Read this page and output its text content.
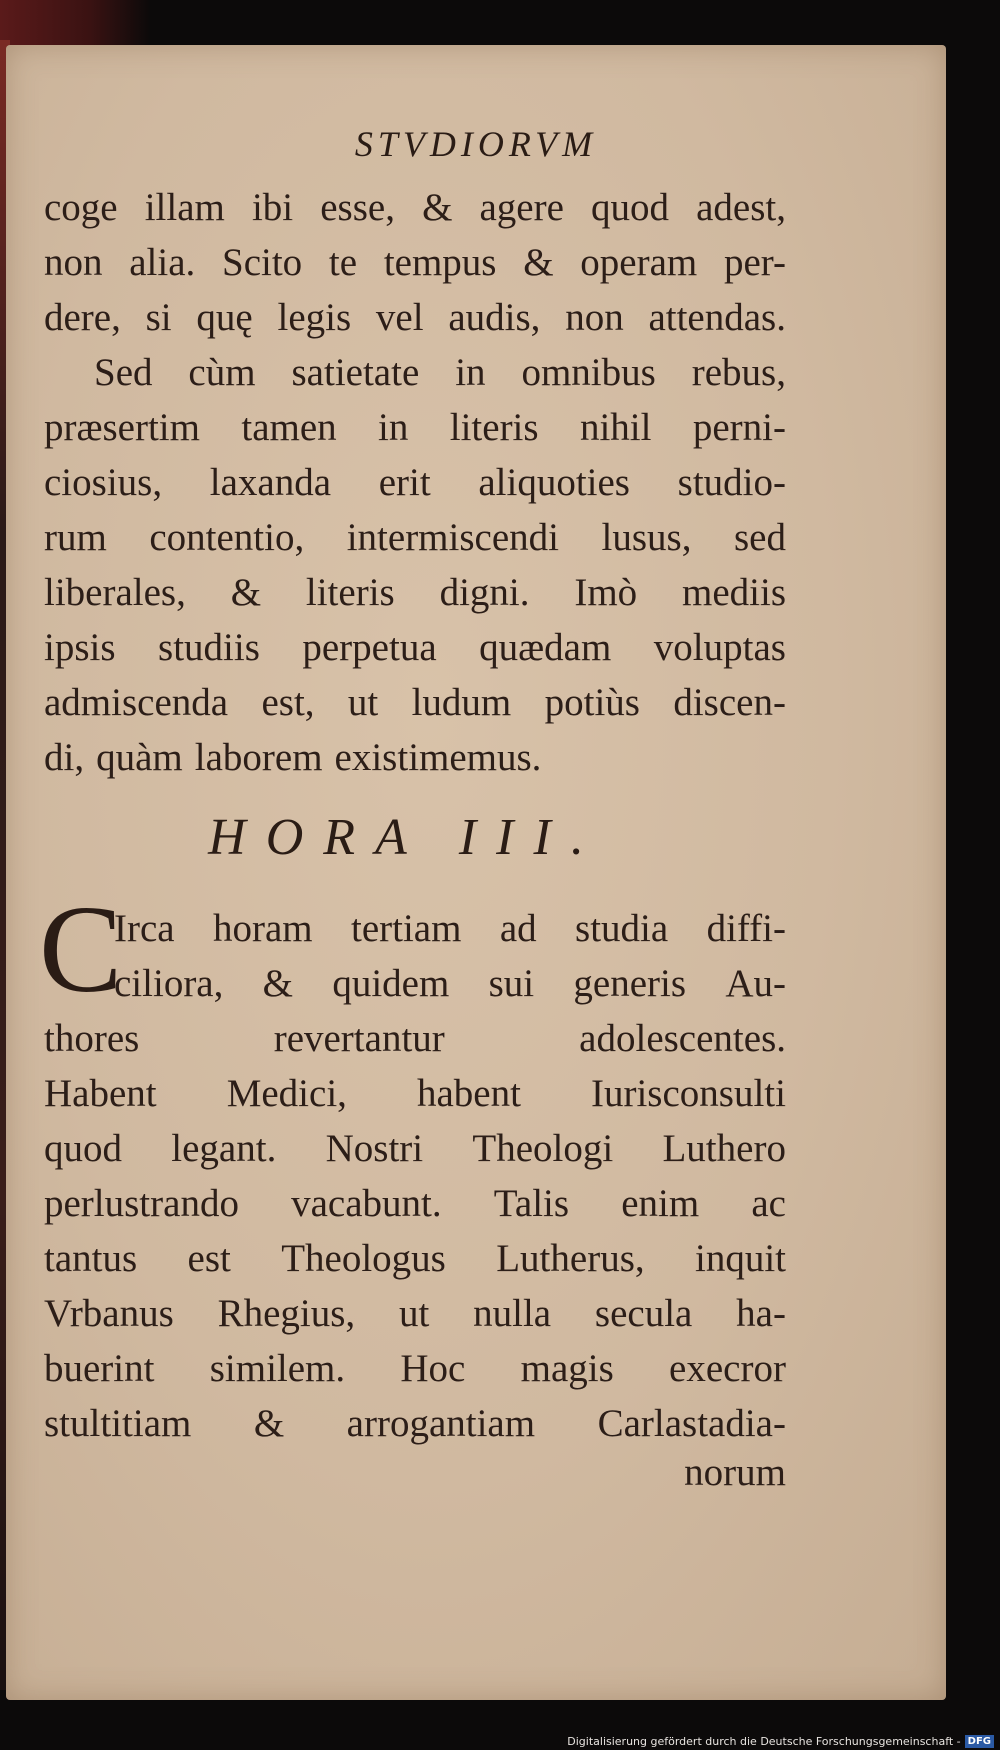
STVDIORVM
coge illam ibi esse, & agere quod adest,
non alia. Scito te tempus & operam per-
dere, si quę legis vel audis, non attendas.
Sed cùm satietate in omnibus rebus,
præsertim tamen in literis nihil perni-
ciosius, laxanda erit aliquoties studio-
rum contentio, intermiscendi lusus, sed
liberales, & literis digni. Imò mediis
ipsis studiis perpetua quædam voluptas
admiscenda est, ut ludum potiùs discen-
di, quàm laborem existimemus.
HORA III.
C
Irca horam tertiam ad studia diffi-
ciliora, & quidem sui generis Au-
thores	revertantur	adolescentes.
Habent Medici, habent Iurisconsulti
quod legant. Nostri Theologi Luthero
perlustrando vacabunt. Talis enim ac
tantus est Theologus Lutherus, inquit
Vrbanus Rhegius, ut nulla secula ha-
buerint similem. Hoc magis execror
stultitiam & arrogantiam Carlastadia-
norum
Digitalisierung gefördert durch die Deutsche Forschungsgemeinschaft - DFG
